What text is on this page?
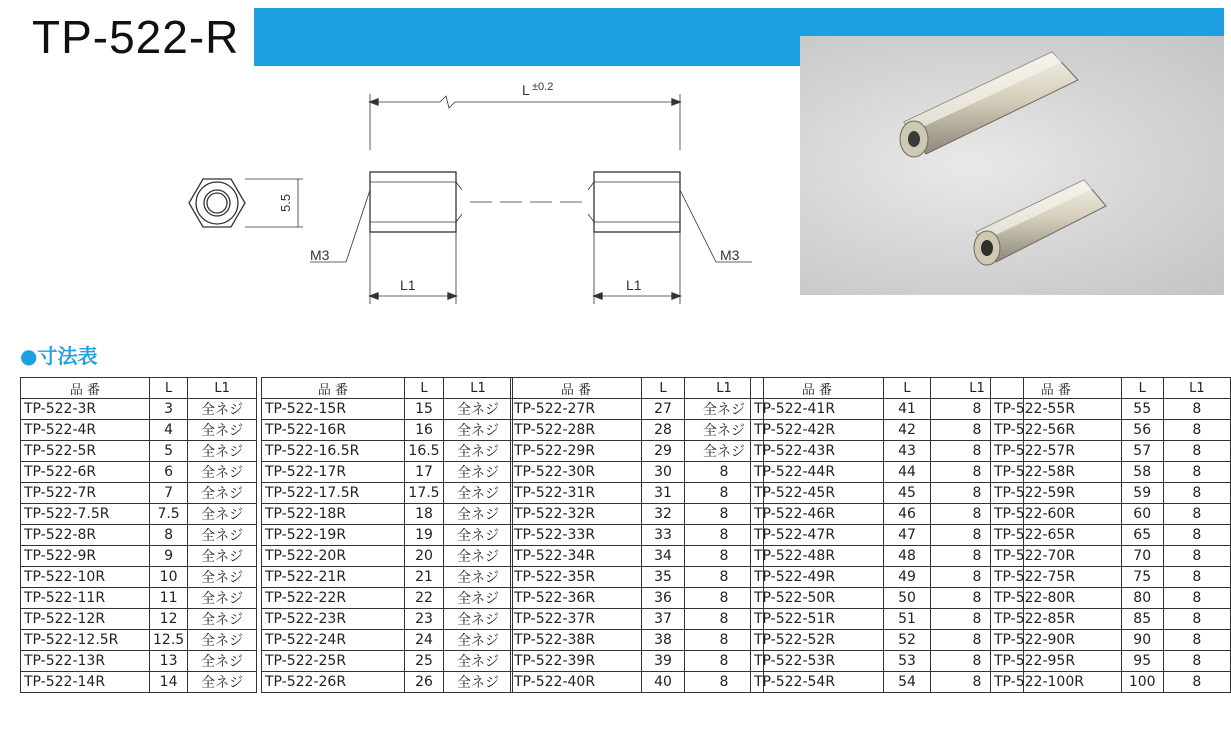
TP-522-R
5.5
L ±0.2
M3	M3
L1	L1
●寸法表
品 番	L	L1
TP-522-3R	3	全ネジ
TP-522-4R	4	全ネジ
TP-522-5R	5	全ネジ
TP-522-6R	6	全ネジ
TP-522-7R	7	全ネジ
TP-522-7.5R	7.5	全ネジ
TP-522-8R	8	全ネジ
TP-522-9R	9	全ネジ
TP-522-10R	10	全ネジ
TP-522-11R	11	全ネジ
TP-522-12R	12	全ネジ
TP-522-12.5R	12.5	全ネジ
TP-522-13R	13	全ネジ
TP-522-14R	14	全ネジ
品 番	L	L1
TP-522-15R	15	全ネジ
TP-522-16R	16	全ネジ
TP-522-16.5R	16.5	全ネジ
TP-522-17R	17	全ネジ
TP-522-17.5R	17.5	全ネジ
TP-522-18R	18	全ネジ
TP-522-19R	19	全ネジ
TP-522-20R	20	全ネジ
TP-522-21R	21	全ネジ
TP-522-22R	22	全ネジ
TP-522-23R	23	全ネジ
TP-522-24R	24	全ネジ
TP-522-25R	25	全ネジ
TP-522-26R	26	全ネジ
品 番	L	L1
TP-522-27R	27	全ネジ
TP-522-28R	28	全ネジ
TP-522-29R	29	全ネジ
TP-522-30R	30	8
TP-522-31R	31	8
TP-522-32R	32	8
TP-522-33R	33	8
TP-522-34R	34	8
TP-522-35R	35	8
TP-522-36R	36	8
TP-522-37R	37	8
TP-522-38R	38	8
TP-522-39R	39	8
TP-522-40R	40	8
品 番	L	L1
TP-522-41R	41	8
TP-522-42R	42	8
TP-522-43R	43	8
TP-522-44R	44	8
TP-522-45R	45	8
TP-522-46R	46	8
TP-522-47R	47	8
TP-522-48R	48	8
TP-522-49R	49	8
TP-522-50R	50	8
TP-522-51R	51	8
TP-522-52R	52	8
TP-522-53R	53	8
TP-522-54R	54	8
品 番	L	L1
TP-522-55R	55	8
TP-522-56R	56	8
TP-522-57R	57	8
TP-522-58R	58	8
TP-522-59R	59	8
TP-522-60R	60	8
TP-522-65R	65	8
TP-522-70R	70	8
TP-522-75R	75	8
TP-522-80R	80	8
TP-522-85R	85	8
TP-522-90R	90	8
TP-522-95R	95	8
TP-522-100R	100	8
